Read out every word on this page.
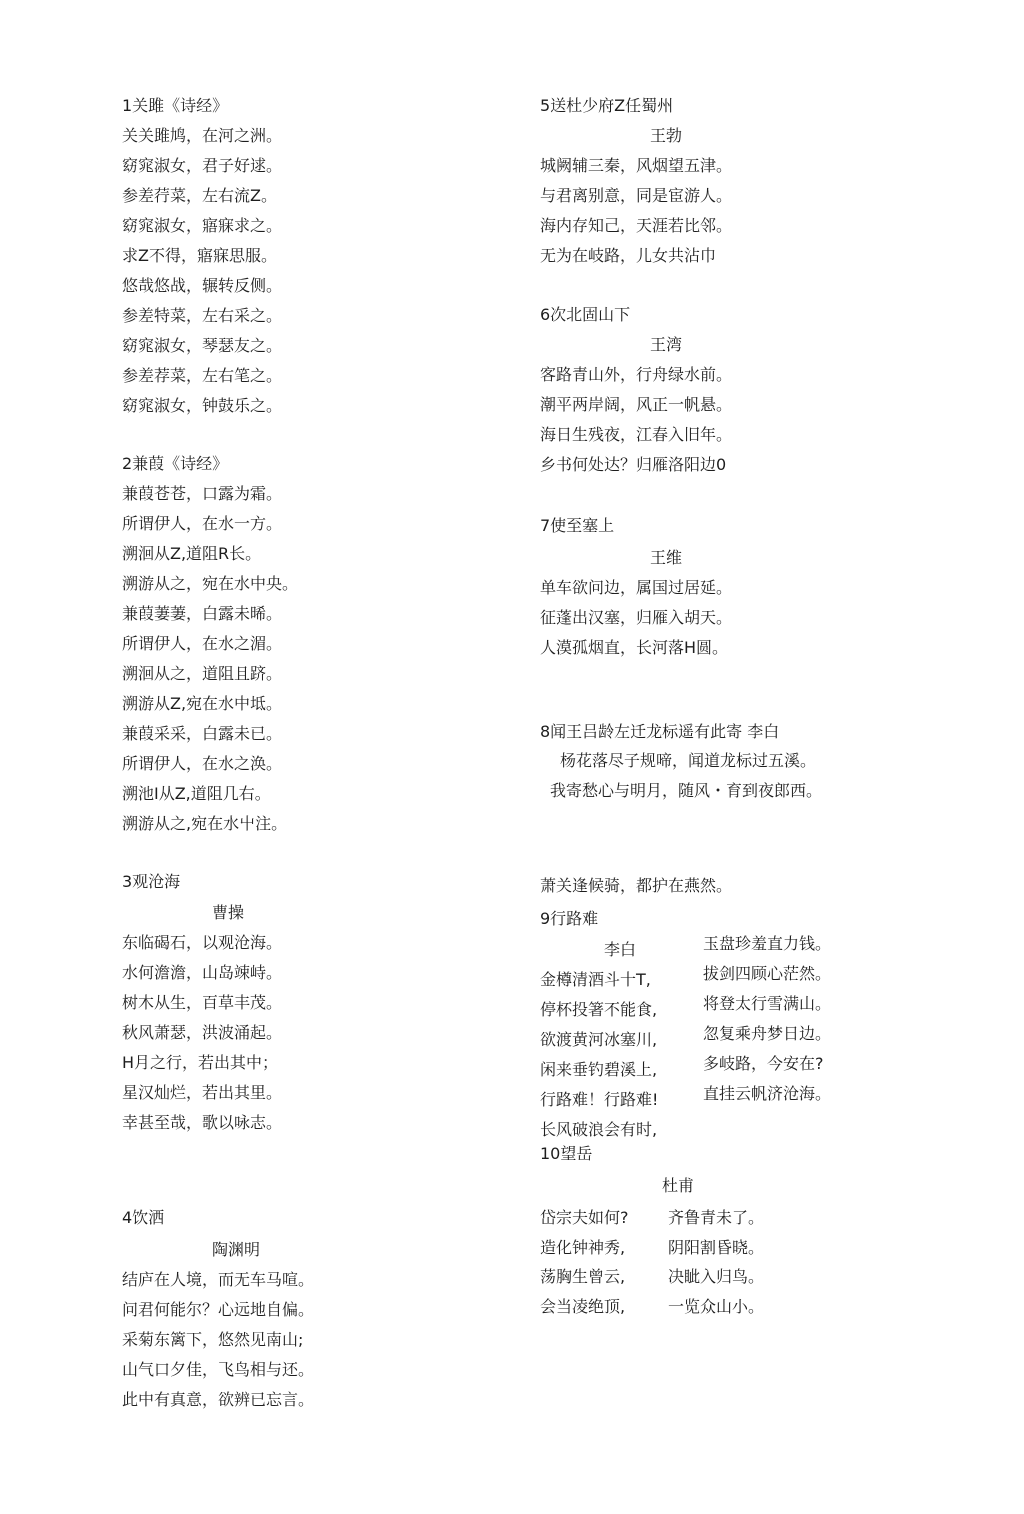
1关雎《诗经》
关关雎鸠，在河之洲。
窈窕淑女，君子好逑。
参差荇菜，左右流Z。
窈窕淑女，寤寐求之。
求Z不得，寤寐思服。
悠哉悠战，辗转反侧。
参差特菜，左右采之。
窈窕淑女，琴瑟友之。
参差荐菜，左右笔之。
窈窕淑女，钟鼓乐之。
2兼葭《诗经》
兼葭苍苍，口露为霜。
所谓伊人，在水一方。
溯洄从Z,道阻R长。
溯游从之，宛在水中央。
兼葭萋萋，白露未晞。
所谓伊人，在水之湄。
溯洄从之，道阻且跻。
溯游从Z,宛在水中坻。
兼葭采采，白露未已。
所谓伊人，在水之涣。
溯池I从Z,道阻几右。
溯游从之,宛在水屮注。
3观沧海
曹操
东临碣石，以观沧海。
水何澹澹，山岛竦峙。
树木从生，百草丰茂。
秋风萧瑟，洪波涌起。
H月之行，若出其中；
星汉灿烂，若出其里。
幸甚至哉，歌以咏志。
4饮洒
陶渊明
结庐在人境，而无车马喧。
问君何能尔？心远地自偏。
采菊东篱下，悠然见南山;
山气口夕佳，飞鸟相与还。
此中有真意，欲辨已忘言。
5送杜少府Z任蜀州
王勃
城阙辅三秦，风烟望五津。
与君离别意，同是宦游人。
海内存知己，天涯若比邻。
无为在岐路，儿女共沾巾
6次北固山下
王湾
客路青山外，行舟绿水前。
潮平两岸阔，风正一帆悬。
海日生残夜，江春入旧年。
乡书何处达？归雁洛阳边0
7使至塞上
王维
单车欲问边，属国过居延。
征蓬出汉塞，归雁入胡天。
人漠孤烟直，长河落H圆。
8闻王吕龄左迁龙标遥有此寄 李白
杨花落尽子规啼，闻道龙标过五溪。
我寄愁心与明月，随风・育到夜郎西。
萧关逢候骑，都护在燕然。
9行路难
李白
金樽清酒斗十T,
停杯投箸不能食,
欲渡黄河冰塞川,
闲来垂钓碧溪上,
行路难！行路难!
长风破浪会有时,
玉盘珍羞直力钱。
拔剑四顾心茫然。
将登太行雪满山。
忽复乘舟梦日边。
多岐路，今安在?
直挂云帆济沧海。
10望岳
杜甫
岱宗夫如何?
造化钟神秀,
荡胸生曾云,
会当凌绝顶,
齐鲁青未了。
阴阳割昏晓。
决眦入归鸟。
一览众山小。
